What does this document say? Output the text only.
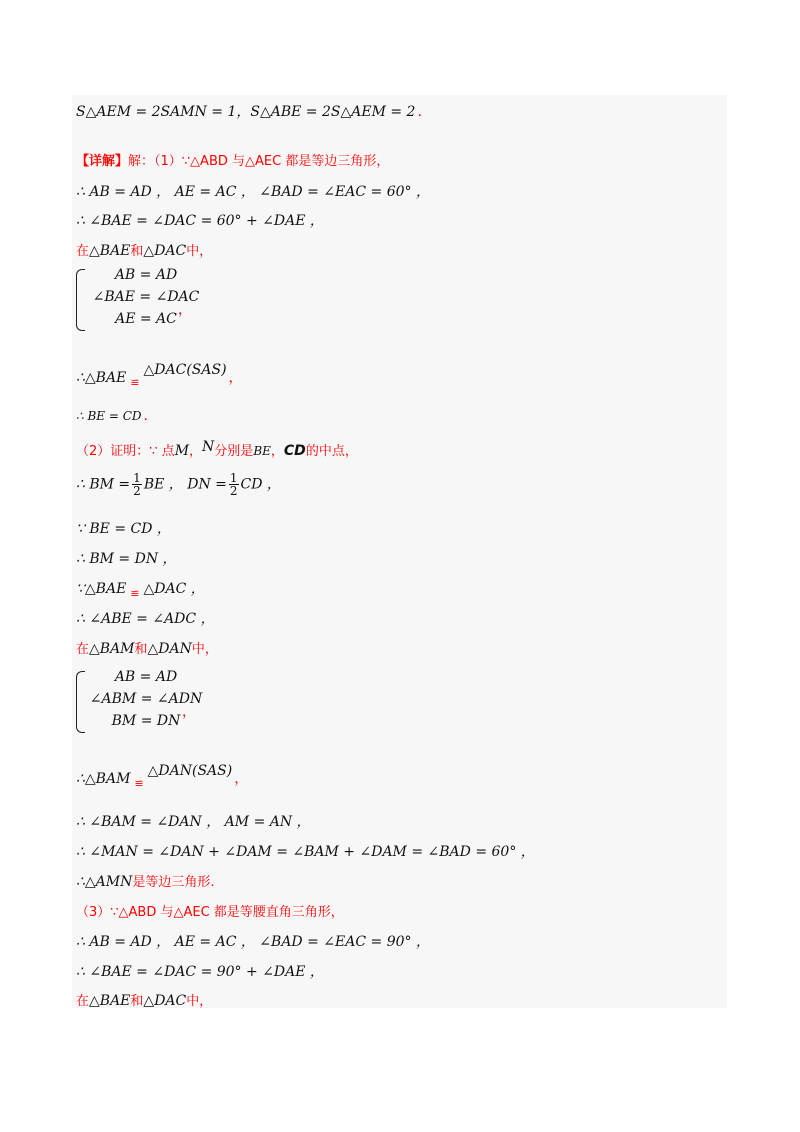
S△AEM = 2SAMN = 1，S△ABE = 2S△AEM = 2 .
【详解】解：（1）∵△ABD 与△AEC 都是等边三角形，
∴ AB = AD ， AE = AC ， ∠BAD = ∠EAC = 60° ，
∴ ∠BAE = ∠DAC = 60° + ∠DAE ，
在△BAE和△DAC中，
AB = AD
∠BAE = ∠DAC
AE = AC
，
∴△BAE $_≌$△DAC(SAS) ，
∴ BE = CD .
（2）证明：∵ 点M，N分别是BE，CD的中点，
∴ BM = $\frac{1}{2}$ BE ， DN = $\frac{1}{2}$ CD ，
∵ BE = CD ，
∴ BM = DN ，
∵△BAE $_≌$ △DAC ，
∴ ∠ABE = ∠ADC ，
在△BAM和△DAN中，
AB = AD
∠ABM = ∠ADN
BM = DN
，
∴△BAM $_≌$△DAN(SAS) ，
∴ ∠BAM = ∠DAN ， AM = AN ，
∴ ∠MAN = ∠DAN + ∠DAM = ∠BAM + ∠DAM = ∠BAD = 60° ，
∴△AMN是等边三角形.
（3）∵△ABD 与△AEC 都是等腰直角三角形，
∴ AB = AD ， AE = AC ， ∠BAD = ∠EAC = 90° ，
∴ ∠BAE = ∠DAC = 90° + ∠DAE ，
在△BAE和△DAC中，
